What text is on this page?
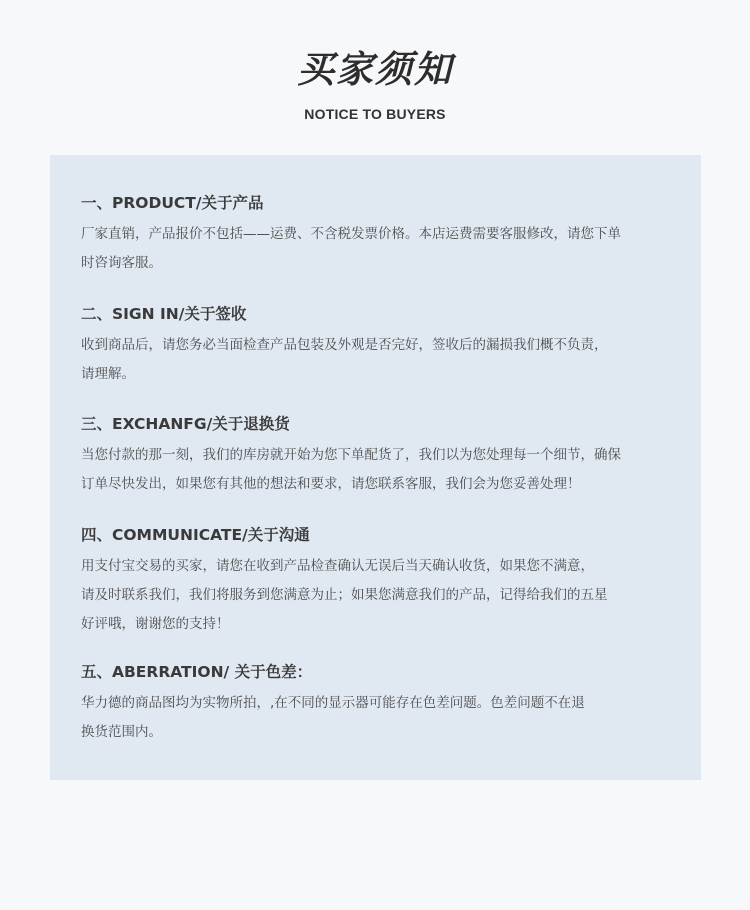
买家须知
NOTICE TO BUYERS
一、PRODUCT/关于产品
厂家直销，产品报价不包括——运费、不含税发票价格。本店运费需要客服修改，请您下单
时咨询客服。
二、SIGN IN/关于签收
收到商品后，请您务必当面检查产品包装及外观是否完好，签收后的漏损我们概不负责，
请理解。
三、EXCHANFG/关于退换货
当您付款的那一刻，我们的库房就开始为您下单配货了，我们以为您处理每一个细节，确保
订单尽快发出，如果您有其他的想法和要求，请您联系客服，我们会为您妥善处理！
四、COMMUNICATE/关于沟通
用支付宝交易的买家，请您在收到产品检查确认无误后当天确认收货，如果您不满意，
请及时联系我们，我们将服务到您满意为止；如果您满意我们的产品，记得给我们的五星
好评哦，谢谢您的支持！
五、ABERRATION/ 关于色差：
华力德的商品图均为实物所拍，,在不同的显示器可能存在色差问题。色差问题不在退
换货范围内。
